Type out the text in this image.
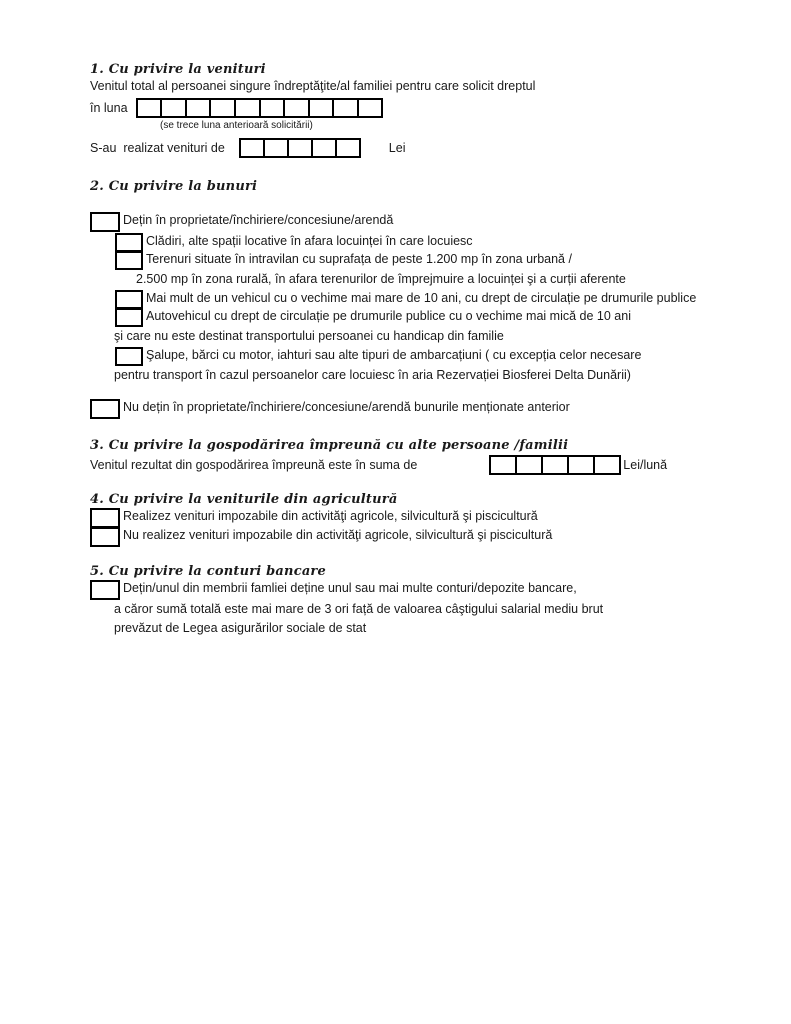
1. Cu privire la venituri
Venitul total al persoanei singure îndreptăţite/al familiei pentru care solicit dreptul
în luna
(se trece luna anterioară solicitării)
S-au  realizat venituri de	Lei
2. Cu privire la bunuri
Dețin în proprietate/închiriere/concesiune/arendă
Clădiri, alte spații locative în afara locuinței în care locuiesc
Terenuri situate în intravilan cu suprafața de peste 1.200 mp în zona urbană /
2.500 mp în zona rurală, în afara terenurilor de împrejmuire a locuinței şi a curții aferente
Mai mult de un vehicul cu o vechime mai mare de 10 ani, cu drept de circulație pe drumurile publice
Autovehicul cu drept de circulație pe drumurile publice cu o vechime mai mică de 10 ani
şi care nu este destinat transportului persoanei cu handicap din familie
Şalupe, bărci cu motor, iahturi sau alte tipuri de ambarcațiuni ( cu excepția celor necesare
pentru transport în cazul persoanelor care locuiesc în aria Rezervației Biosferei Delta Dunării)
Nu dețin în proprietate/închiriere/concesiune/arendă bunurile menționate anterior
3. Cu privire la gospodărirea împreună cu alte persoane /familii
Venitul rezultat din gospodărirea împreună este în suma de	Lei/lună
4. Cu privire la veniturile din agricultură
Realizez venituri impozabile din activităţi agricole, silvicultură şi piscicultură
Nu realizez venituri impozabile din activităţi agricole, silvicultură şi piscicultură
5. Cu privire la conturi bancare
Dețin/unul din membrii famliei deține unul sau mai multe conturi/depozite bancare,
a căror sumă totală este mai mare de 3 ori față de valoarea câştigului salarial mediu brut
prevăzut de Legea asigurărilor sociale de stat
